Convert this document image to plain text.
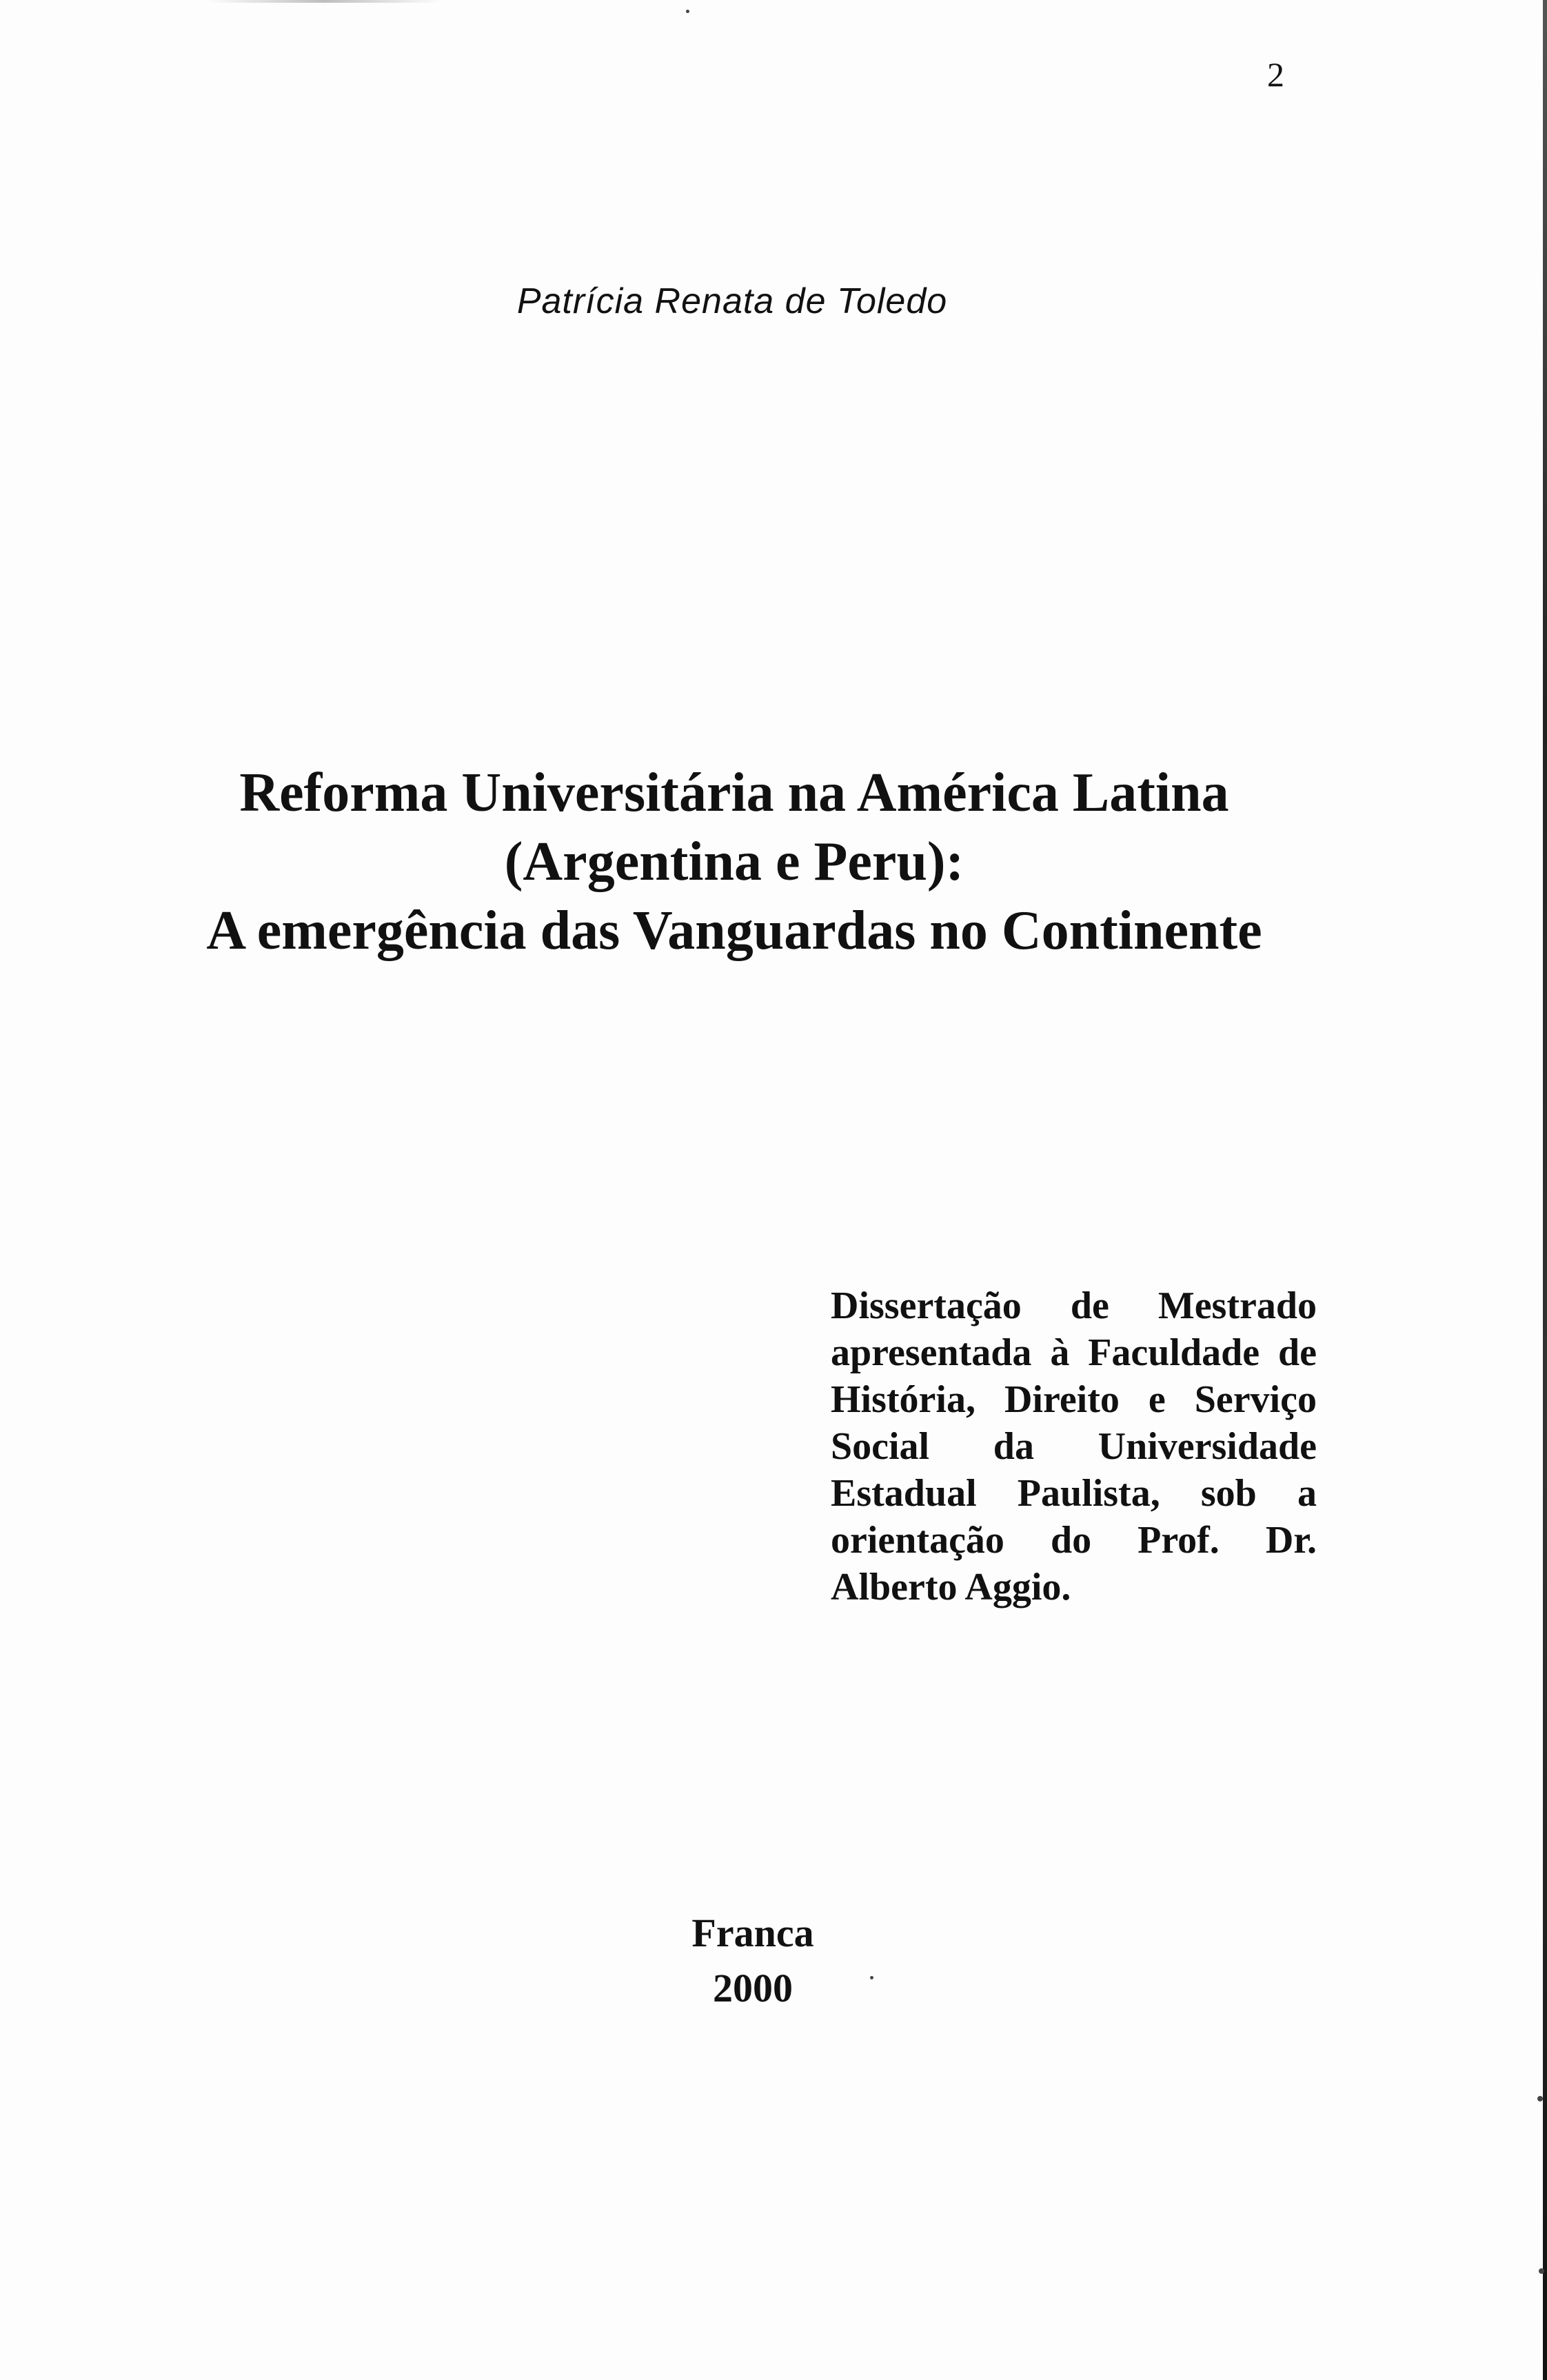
2
Patrícia Renata de Toledo
Reforma Universitária na América Latina
(Argentina e Peru):
A emergência das Vanguardas no Continente
Dissertação de Mestrado
apresentada à Faculdade de
História, Direito e Serviço
Social da Universidade
Estadual Paulista, sob a
orientação do Prof. Dr.
Alberto Aggio.
Franca
2000
